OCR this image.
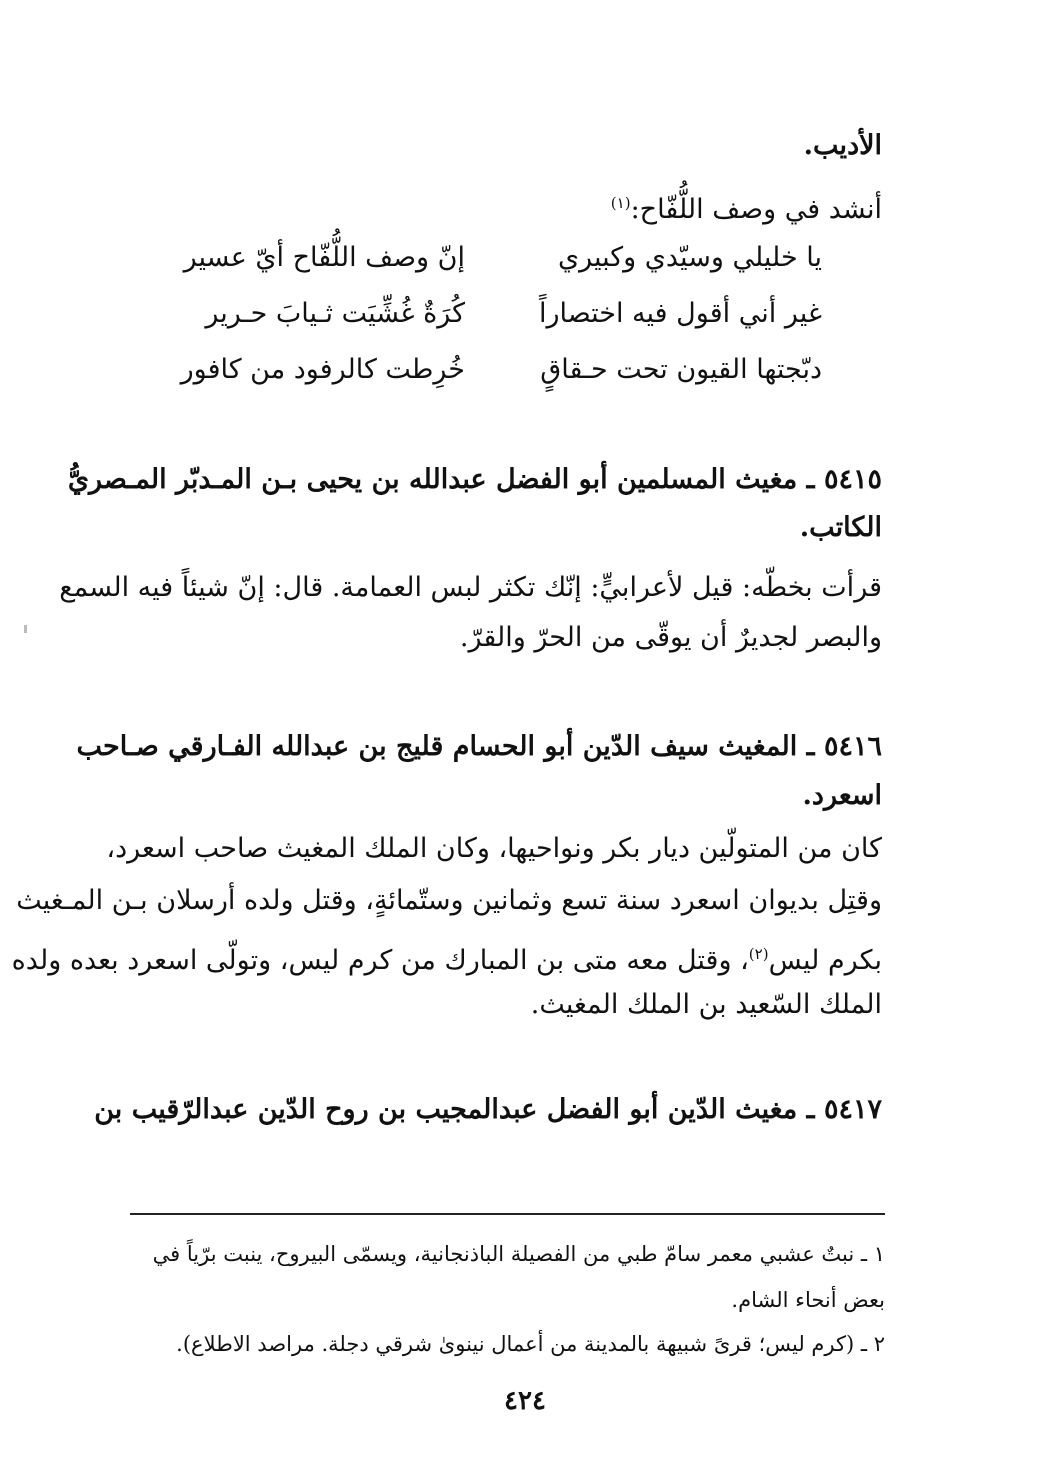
الأديب.
أنشد في وصف اللُّفّاح:$^{(١)}$
يا خليلي وسيّدي وكبيري
إنّ وصف اللُّفّاح أيّ عسير
غير أني أقول فيه اختصاراً
كُرَةٌ غُشِّيَت ثـيابَ حـرير
دبّجتها القيون تحت حـقاقٍ
خُرِطت كالرفود من كافور
٥٤١٥ ـ مغيث المسلمين أبو الفضل عبدالله بن يحيى بـن المـدبّر المـصريُّ
الكاتب.
قرأت بخطّه: قيل لأعرابيٍّ: إنّك تكثر لبس العمامة. قال: إنّ شيئاً فيه السمع
والبصر لجديرٌ أن يوقّى من الحرّ والقرّ.
٥٤١٦ ـ المغيث سيف الدّين أبو الحسام قليج بن عبدالله الفـارقي صـاحب
اسعرد.
كان من المتولّين ديار بكر ونواحيها، وكان الملك المغيث صاحب اسعرد،
وقتِل بديوان اسعرد سنة تسع وثمانين وستّمائةٍ، وقتل ولده أرسلان بـن المـغيث
بكرم ليس$^{(٢)}$، وقتل معه متى بن المبارك من كرم ليس، وتولّى اسعرد بعده ولده
الملك السّعيد بن الملك المغيث.
٥٤١٧ ـ مغيث الدّين أبو الفضل عبدالمجيب بن روح الدّين عبدالرّقيب بن
١ ـ نبتٌ عشبي معمر سامّ طبي من الفصيلة الباذنجانية، ويسمّى البيروح، ينبت برّياً في
بعض أنحاء الشام.
٢ ـ (كرم ليس؛ قرىً شبيهة بالمدينة من أعمال نينوىٰ شرقي دجلة. مراصد الاطلاع).
٤٢٤
